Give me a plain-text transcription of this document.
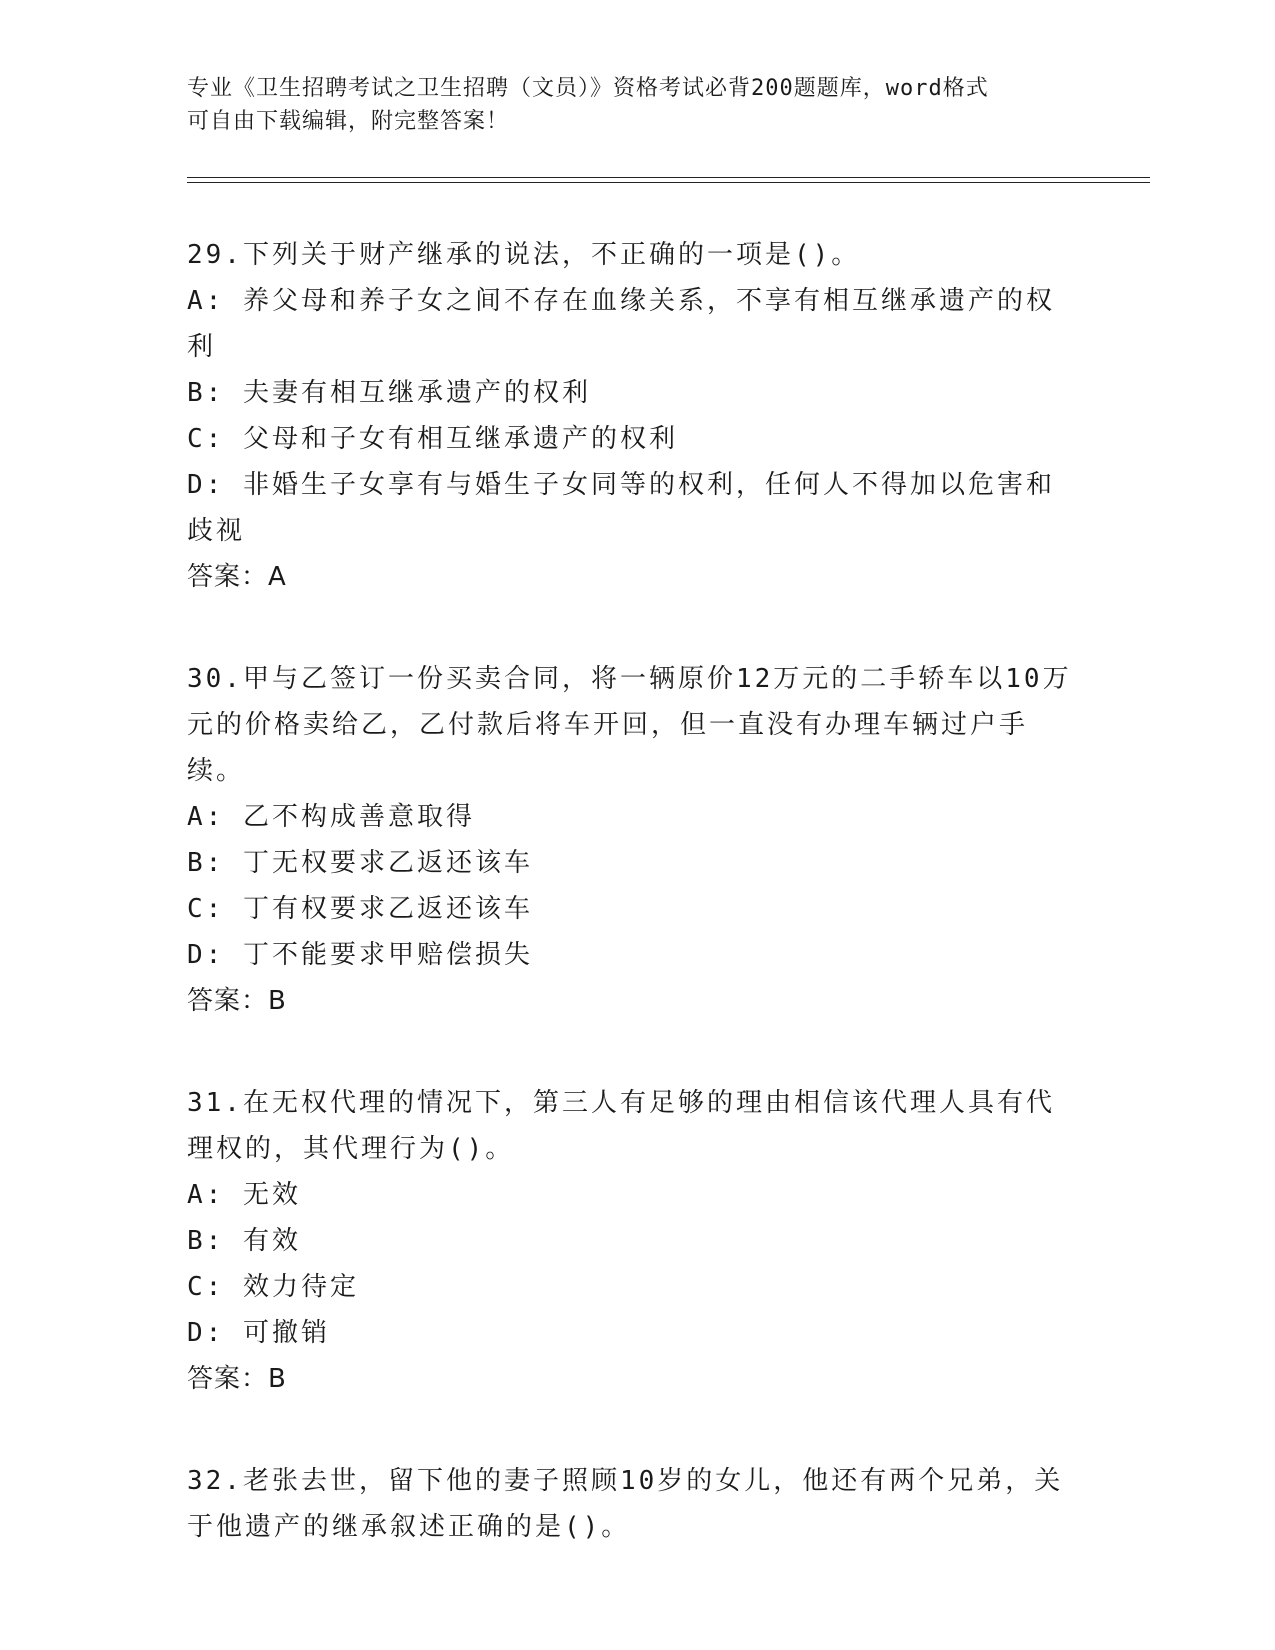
专业《卫生招聘考试之卫生招聘（文员）》资格考试必背200题题库，word格式
可自由下载编辑，附完整答案！

29.下列关于财产继承的说法，不正确的一项是()。

A: 养父母和养子女之间不存在血缘关系，不享有相互继承遗产的权利

B: 夫妻有相互继承遗产的权利

C: 父母和子女有相互继承遗产的权利

D: 非婚生子女享有与婚生子女同等的权利，任何人不得加以危害和歧视

答案：A

30.甲与乙签订一份买卖合同，将一辆原价12万元的二手轿车以10万元的价格卖给乙，乙付款后将车开回，但一直没有办理车辆过户手续。

A: 乙不构成善意取得

B: 丁无权要求乙返还该车

C: 丁有权要求乙返还该车

D: 丁不能要求甲赔偿损失

答案：B

31.在无权代理的情况下，第三人有足够的理由相信该代理人具有代理权的，其代理行为()。

A: 无效

B: 有效

C: 效力待定

D: 可撤销

答案：B

32.老张去世，留下他的妻子照顾10岁的女儿，他还有两个兄弟，关于他遗产的继承叙述正确的是()。
